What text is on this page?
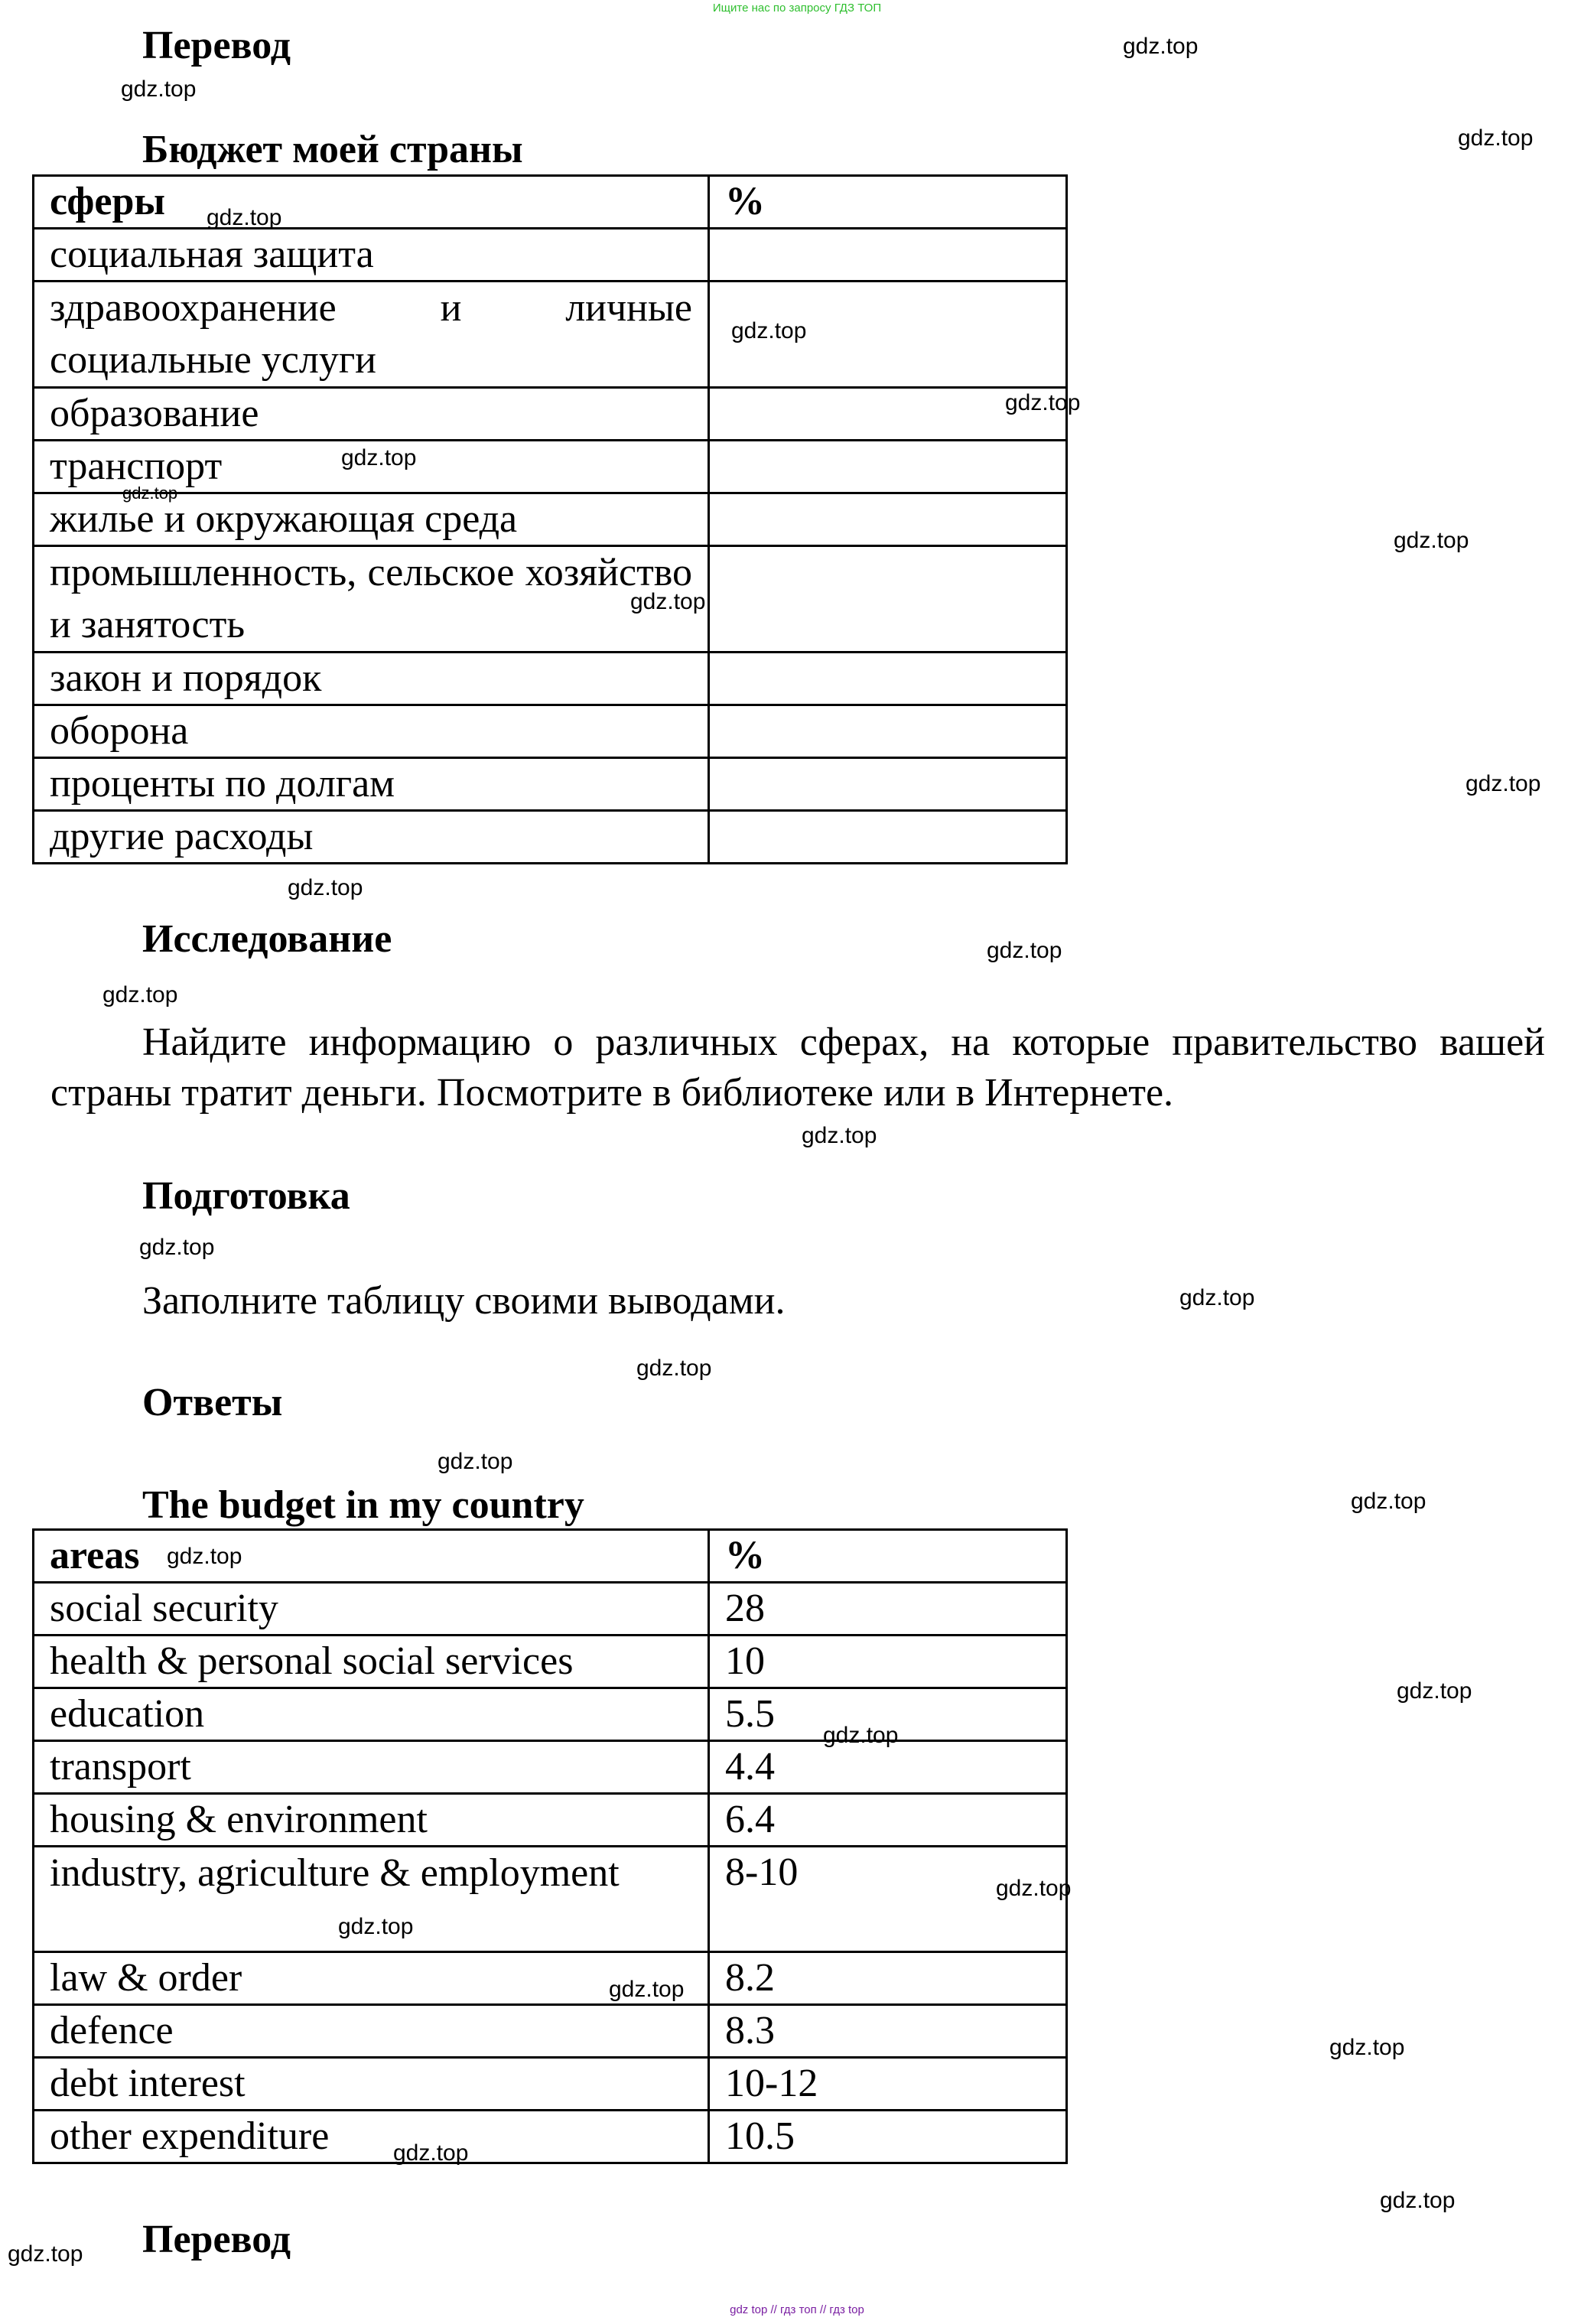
Ищите нас по запросу ГДЗ ТОП
gdz top // гдз топ // гдз top
Перевод
Бюджет моей страны
сферы	%
социальная защита	
здравоохранение и личные социальные услуги	
образование	
транспорт	
жилье и окружающая среда	
промышленность, сельское хозяйство и занятость	
закон и порядок	
оборона	
проценты по долгам	
другие расходы	
Исследование
Найдите информацию о различных сферах, на которые правительство вашей страны тратит деньги. Посмотрите в библиотеке или в Интернете.
Подготовка
Заполните таблицу своими выводами.
Ответы
The budget in my country
areas	%
social security	28
health & personal social services	10
education	5.5
transport	4.4
housing & environment	6.4
industry, agriculture & employment	8-10
law & order	8.2
defence	8.3
debt interest	10-12
other expenditure	10.5
Перевод
gdz.top
gdz.top
gdz.top
gdz.top
gdz.top
gdz.top
gdz.top
gdz.top
gdz.top
gdz.top
gdz.top
gdz.top
gdz.top
gdz.top
gdz.top
gdz.top
gdz.top
gdz.top
gdz.top
gdz.top
gdz.top
gdz.top
gdz.top
gdz.top
gdz.top
gdz.top
gdz.top
gdz.top
gdz.top
gdz.top
